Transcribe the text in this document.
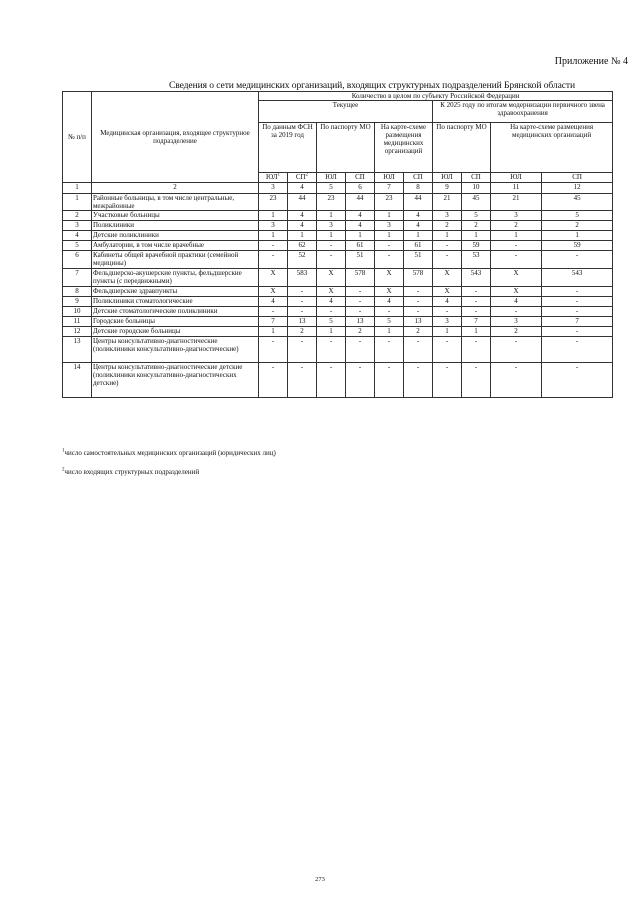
Приложение № 4
Сведения о сети медицинских организаций, входящих структурных подразделений Брянской области
№ п/п	Медицинская организация, входящее структурное подразделение	Количество в целом по субъекту Российской Федерации									
		Текущее						К 2025 году по итогам модернизации первичного звена здравоохранения			
		По данным ФСН за 2019 год		По паспорту МО		На карте-схеме размещения медицинских организаций		По паспорту МО		На карте-схеме размещения медицинских организаций	
		$ЮЛ^1$	$СП^2$	ЮЛ	СП	ЮЛ	СП	ЮЛ	СП	ЮЛ	СП
1	2	3	4	5	6	7	8	9	10	11	12
1	Районные больницы, в том числе центральные, межрайонные	23	44	23	44	23	44	21	45	21	45
2	Участковые больницы	1	4	1	4	1	4	3	5	3	5
3	Поликлиники	3	4	3	4	3	4	2	2	2	2
4	Детские поликлиники	1	1	1	1	1	1	1	1	1	1
5	Амбулатории, в том числе врачебные	-	62	-	61	-	61	-	59	-	59
6	Кабинеты общей врачебной практики (семейной медицины)	-	52	-	51	-	51	-	53	-	-
7	Фельдшерско-акушерские пункты, фельдшерские пункты (с передвижными)	X	583	X	578	X	578	X	543	X	543
8	Фельдшерские здравпункты	X	-	X	-	X	-	X	-	X	-
9	Поликлиники стоматологические	4	-	4	-	4	-	4	-	4	-
10	Детские стоматологические поликлиники	-	-	-	-	-	-	-	-	-	-
11	Городские больницы	7	13	5	13	5	13	3	7	3	7
12	Детские городские больницы	1	2	1	2	1	2	1	1	2	-
13	Центры консультативно-диагностические (поликлиники консультативно-диагностические)	-	-	-	-	-	-	-	-	-	-
14	Центры консультативно-диагностические детские (поликлиники консультативно-диагностических детские)	-	-	-	-	-	-	-	-	-	-
$^1$число самостоятельных медицинских организаций (юридических лиц)
$^2$число входящих структурных подразделений
273
